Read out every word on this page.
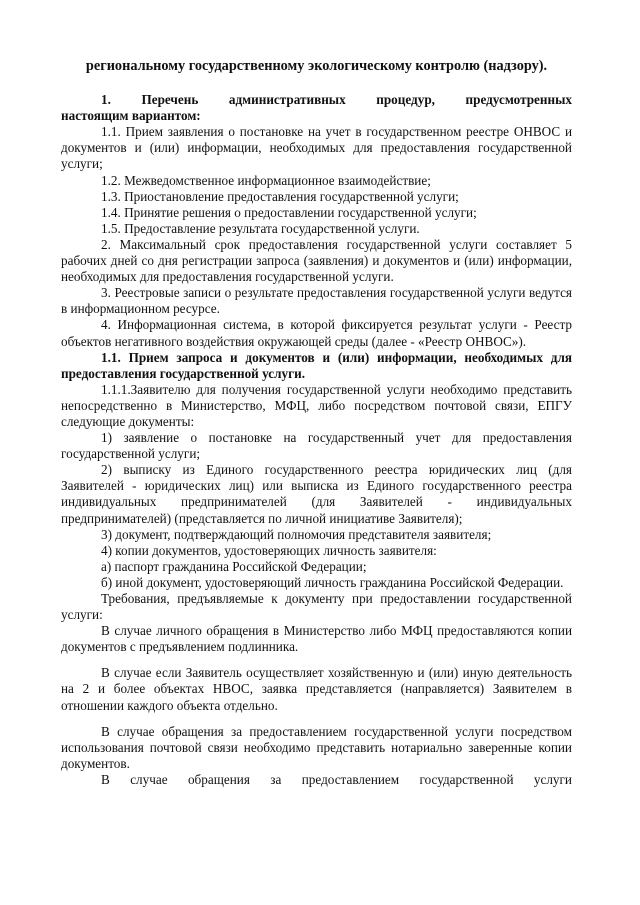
региональному государственному экологическому контролю (надзору).

1. Перечень административных процедур, предусмотренных

настоящим вариантом:

1.1. Прием заявления о постановке на учет в государственном реестре ОНВОС и документов и (или) информации, необходимых для предоставления государственной услуги;

1.2. Межведомственное информационное взаимодействие;

1.3. Приостановление предоставления государственной услуги;

1.4. Принятие решения о предоставлении государственной услуги;

1.5. Предоставление результата государственной услуги.

2. Максимальный срок предоставления государственной услуги составляет 5 рабочих дней со дня регистрации запроса (заявления) и документов и (или) информации, необходимых для предоставления государственной услуги.

3. Реестровые записи о результате предоставления государственной услуги ведутся в информационном ресурсе.

4. Информационная система, в которой фиксируется результат услуги - Реестр объектов негативного воздействия окружающей среды (далее - «Реестр ОНВОС»).

1.1. Прием запроса и документов и (или) информации, необходимых для предоставления государственной услуги.

1.1.1.Заявителю для получения государственной услуги необходимо представить непосредственно в Министерство, МФЦ, либо посредством почтовой связи, ЕПГУ следующие документы:

1) заявление о постановке на государственный учет для предоставления государственной услуги;

2) выписку из Единого государственного реестра юридических лиц (для Заявителей - юридических лиц) или выписка из Единого государственного реестра индивидуальных предпринимателей (для Заявителей - индивидуальных предпринимателей) (представляется по личной инициативе Заявителя);

3) документ, подтверждающий полномочия представителя заявителя;

4) копии документов, удостоверяющих личность заявителя:

а) паспорт гражданина Российской Федерации;

б) иной документ, удостоверяющий личность гражданина Российской Федерации.

Требования, предъявляемые к документу при предоставлении государственной услуги:

В случае личного обращения в Министерство либо МФЦ предоставляются копии документов с предъявлением подлинника.

В случае если Заявитель осуществляет хозяйственную и (или) иную деятельность на 2 и более объектах НВОС, заявка представляется (направляется) Заявителем в отношении каждого объекта отдельно.

В случае обращения за предоставлением государственной услуги посредством использования почтовой связи необходимо представить нотариально заверенные копии документов.

В случае обращения за предоставлением государственной услуги
